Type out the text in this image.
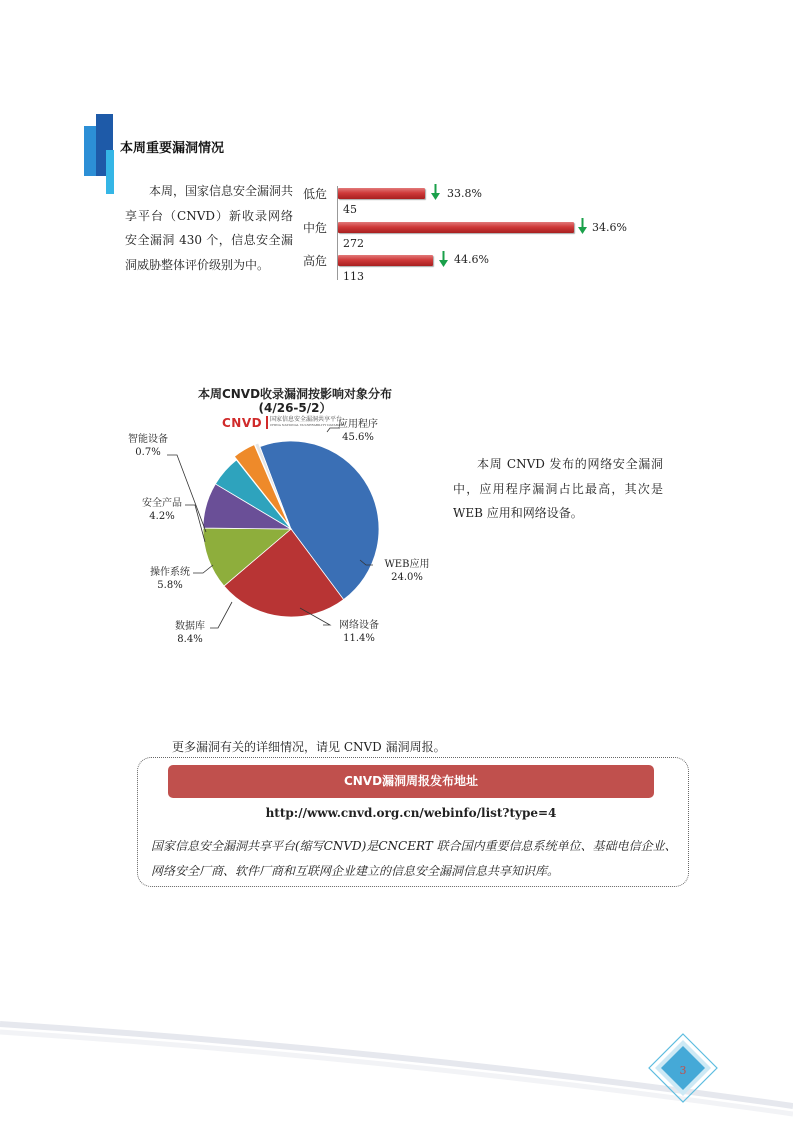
本周重要漏洞情况
本周，国家信息安全漏洞共享平台（CNVD）新收录网络安全漏洞 430 个，信息安全漏洞威胁整体评价级别为中。
低危	33.8%
45
中危	34.6%
272
高危	44.6%
113
本周CNVD收录漏洞按影响对象分布
(4/26-5/2）
CNVD 国家信息安全漏洞共享平台
CHINA NATIONAL VULNERABILITY DATABASE
应用程序
45.6%
WEB应用
24.0%
网络设备
11.4%
数据库
8.4%
操作系统
5.8%
安全产品
4.2%
智能设备
0.7%
本周 CNVD 发布的网络安全漏洞中，应用程序漏洞占比最高，其次是 WEB 应用和网络设备。
更多漏洞有关的详细情况，请见 CNVD 漏洞周报。
CNVD漏洞周报发布地址
http://www.cnvd.org.cn/webinfo/list?type=4
国家信息安全漏洞共享平台(缩写CNVD)是CNCERT 联合国内重要信息系统单位、基础电信企业、网络安全厂商、软件厂商和互联网企业建立的信息安全漏洞信息共享知识库。
3
